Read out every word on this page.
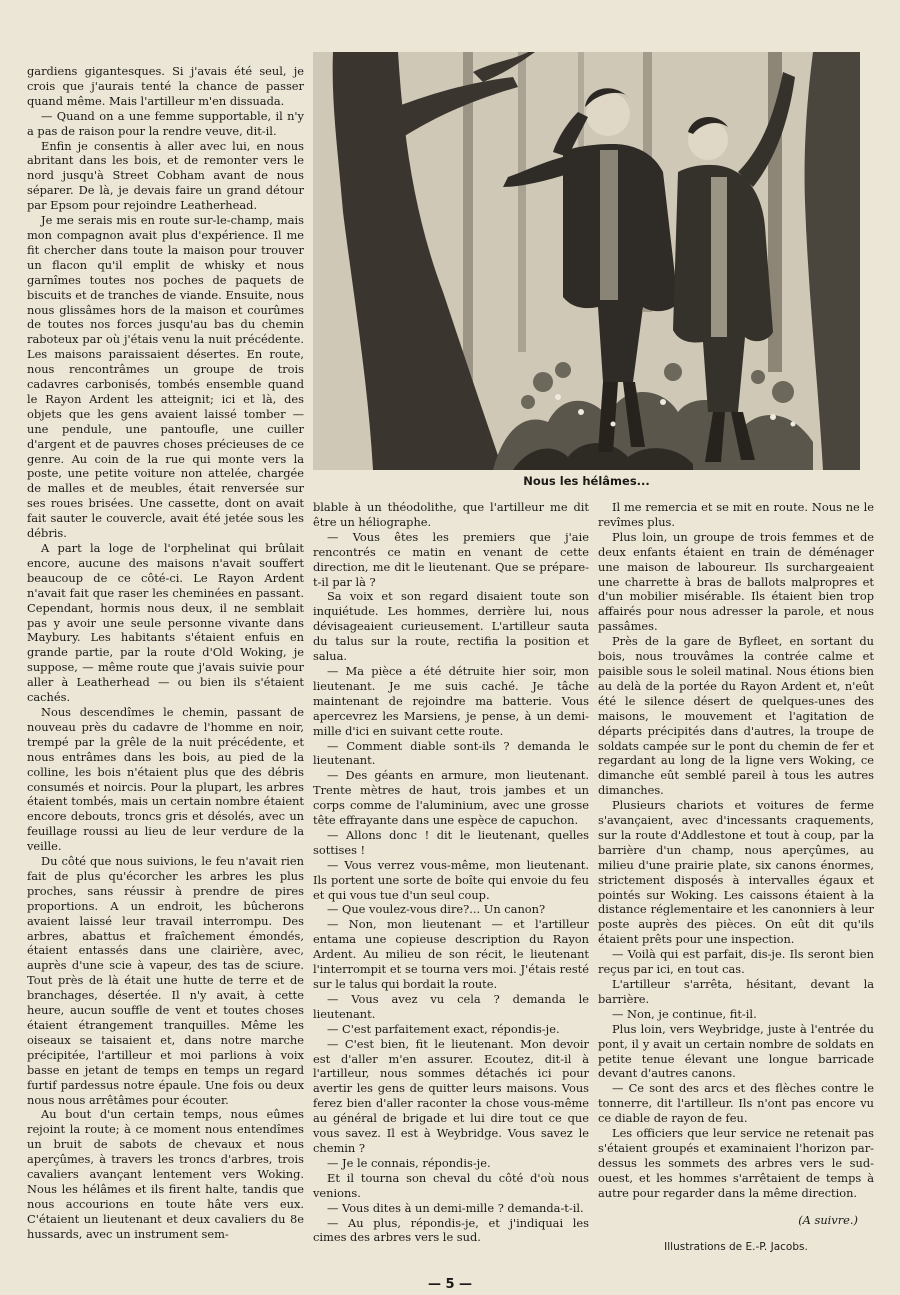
gardiens gigantesques. Si j'avais été seul, je crois que j'aurais tenté la chance de passer quand même. Mais l'artilleur m'en dissuada.

— Quand on a une femme supportable, il n'y a pas de raison pour la rendre veuve, dit-il.

Enfin je consentis à aller avec lui, en nous abritant dans les bois, et de remonter vers le nord jusqu'à Street Cobham avant de nous séparer. De là, je devais faire un grand détour par Epsom pour rejoindre Leatherhead.

Je me serais mis en route sur-le-champ, mais mon compagnon avait plus d'expérience. Il me fit chercher dans toute la maison pour trouver un flacon qu'il emplit de whisky et nous garnîmes toutes nos poches de paquets de biscuits et de tranches de viande. Ensuite, nous nous glissâmes hors de la maison et courûmes de toutes nos forces jusqu'au bas du chemin raboteux par où j'étais venu la nuit précédente. Les maisons paraissaient désertes. En route, nous rencontrâmes un groupe de trois cadavres carbonisés, tombés ensemble quand le Rayon Ardent les atteignit; ici et là, des objets que les gens avaient laissé tomber — une pendule, une pantoufle, une cuiller d'argent et de pauvres choses précieuses de ce genre. Au coin de la rue qui monte vers la poste, une petite voiture non attelée, chargée de malles et de meubles, était renversée sur ses roues brisées. Une cassette, dont on avait fait sauter le couvercle, avait été jetée sous les débris.

A part la loge de l'orphelinat qui brûlait encore, aucune des maisons n'avait souffert beaucoup de ce côté-ci. Le Rayon Ardent n'avait fait que raser les cheminées en passant. Cependant, hormis nous deux, il ne semblait pas y avoir une seule personne vivante dans Maybury. Les habitants s'étaient enfuis en grande partie, par la route d'Old Woking, je suppose, — même route que j'avais suivie pour aller à Leatherhead — ou bien ils s'étaient cachés.

Nous descendîmes le chemin, passant de nouveau près du cadavre de l'homme en noir, trempé par la grêle de la nuit précédente, et nous entrâmes dans les bois, au pied de la colline, les bois n'étaient plus que des débris consumés et noircis. Pour la plupart, les arbres étaient tombés, mais un certain nombre étaient encore debouts, troncs gris et désolés, avec un feuillage roussi au lieu de leur verdure de la veille.

Du côté que nous suivions, le feu n'avait rien fait de plus qu'écorcher les arbres les plus proches, sans réussir à prendre de pires proportions. A un endroit, les bûcherons avaient laissé leur travail interrompu. Des arbres, abattus et fraîchement émondés, étaient entassés dans une clairière, avec, auprès d'une scie à vapeur, des tas de sciure. Tout près de là était une hutte de terre et de branchages, désertée. Il n'y avait, à cette heure, aucun souffle de vent et toutes choses étaient étrangement tranquilles. Même les oiseaux se taisaient et, dans notre marche précipitée, l'artilleur et moi parlions à voix basse en jetant de temps en temps un regard furtif pardessus notre épaule. Une fois ou deux nous nous arrêtâmes pour écouter.

Au bout d'un certain temps, nous eûmes rejoint la route; à ce moment nous entendîmes un bruit de sabots de chevaux et nous aperçûmes, à travers les troncs d'arbres, trois cavaliers avançant lentement vers Woking. Nous les hélâmes et ils firent halte, tandis que nous accourions en toute hâte vers eux. C'étaient un lieutenant et deux cavaliers du 8e hussards, avec un instrument sem-

Nous les hélâmes...

blable à un théodolithe, que l'artilleur me dit être un héliographe.

— Vous êtes les premiers que j'aie rencontrés ce matin en venant de cette direction, me dit le lieutenant. Que se prépare-t-il par là ?

Sa voix et son regard disaient toute son inquiétude. Les hommes, derrière lui, nous dévisageaient curieusement. L'artilleur sauta du talus sur la route, rectifia la position et salua.

— Ma pièce a été détruite hier soir, mon lieutenant. Je me suis caché. Je tâche maintenant de rejoindre ma batterie. Vous apercevrez les Marsiens, je pense, à un demi-mille d'ici en suivant cette route.

— Comment diable sont-ils ? demanda le lieutenant.

— Des géants en armure, mon lieutenant. Trente mètres de haut, trois jambes et un corps comme de l'aluminium, avec une grosse tête effrayante dans une espèce de capuchon.

— Allons donc ! dit le lieutenant, quelles sottises !

— Vous verrez vous-même, mon lieutenant. Ils portent une sorte de boîte qui envoie du feu et qui vous tue d'un seul coup.

— Que voulez-vous dire?... Un canon?

— Non, mon lieutenant — et l'artilleur entama une copieuse description du Rayon Ardent. Au milieu de son récit, le lieutenant l'interrompit et se tourna vers moi. J'étais resté sur le talus qui bordait la route.

— Vous avez vu cela ? demanda le lieutenant.

— C'est parfaitement exact, répondis-je.

— C'est bien, fit le lieutenant. Mon devoir est d'aller m'en assurer. Ecoutez, dit-il à l'artilleur, nous sommes détachés ici pour avertir les gens de quitter leurs maisons. Vous ferez bien d'aller raconter la chose vous-même au général de brigade et lui dire tout ce que vous savez. Il est à Weybridge. Vous savez le chemin ?

— Je le connais, répondis-je.

Et il tourna son cheval du côté d'où nous venions.

— Vous dites à un demi-mille ? demanda-t-il.

— Au plus, répondis-je, et j'indiquai les cimes des arbres vers le sud.

Il me remercia et se mit en route. Nous ne le revîmes plus.

Plus loin, un groupe de trois femmes et de deux enfants étaient en train de déménager une maison de laboureur. Ils surchargeaient une charrette à bras de ballots malpropres et d'un mobilier misérable. Ils étaient bien trop affairés pour nous adresser la parole, et nous passâmes.

Près de la gare de Byfleet, en sortant du bois, nous trouvâmes la contrée calme et paisible sous le soleil matinal. Nous étions bien au delà de la portée du Rayon Ardent et, n'eût été le silence désert de quelques-unes des maisons, le mouvement et l'agitation de départs précipités dans d'autres, la troupe de soldats campée sur le pont du chemin de fer et regardant au long de la ligne vers Woking, ce dimanche eût semblé pareil à tous les autres dimanches.

Plusieurs chariots et voitures de ferme s'avançaient, avec d'incessants craquements, sur la route d'Addlestone et tout à coup, par la barrière d'un champ, nous aperçûmes, au milieu d'une prairie plate, six canons énormes, strictement disposés à intervalles égaux et pointés sur Woking. Les caissons étaient à la distance réglementaire et les canonniers à leur poste auprès des pièces. On eût dit qu'ils étaient prêts pour une inspection.

— Voilà qui est parfait, dis-je. Ils seront bien reçus par ici, en tout cas.

L'artilleur s'arrêta, hésitant, devant la barrière.

— Non, je continue, fit-il.

Plus loin, vers Weybridge, juste à l'entrée du pont, il y avait un certain nombre de soldats en petite tenue élevant une longue barricade devant d'autres canons.

— Ce sont des arcs et des flèches contre le tonnerre, dit l'artilleur. Ils n'ont pas encore vu ce diable de rayon de feu.

Les officiers que leur service ne retenait pas s'étaient groupés et examinaient l'horizon par-dessus les sommets des arbres vers le sud-ouest, et les hommes s'arrêtaient de temps à autre pour regarder dans la même direction.

(A suivre.)

Illustrations de E.-P. Jacobs.

— 5 —
